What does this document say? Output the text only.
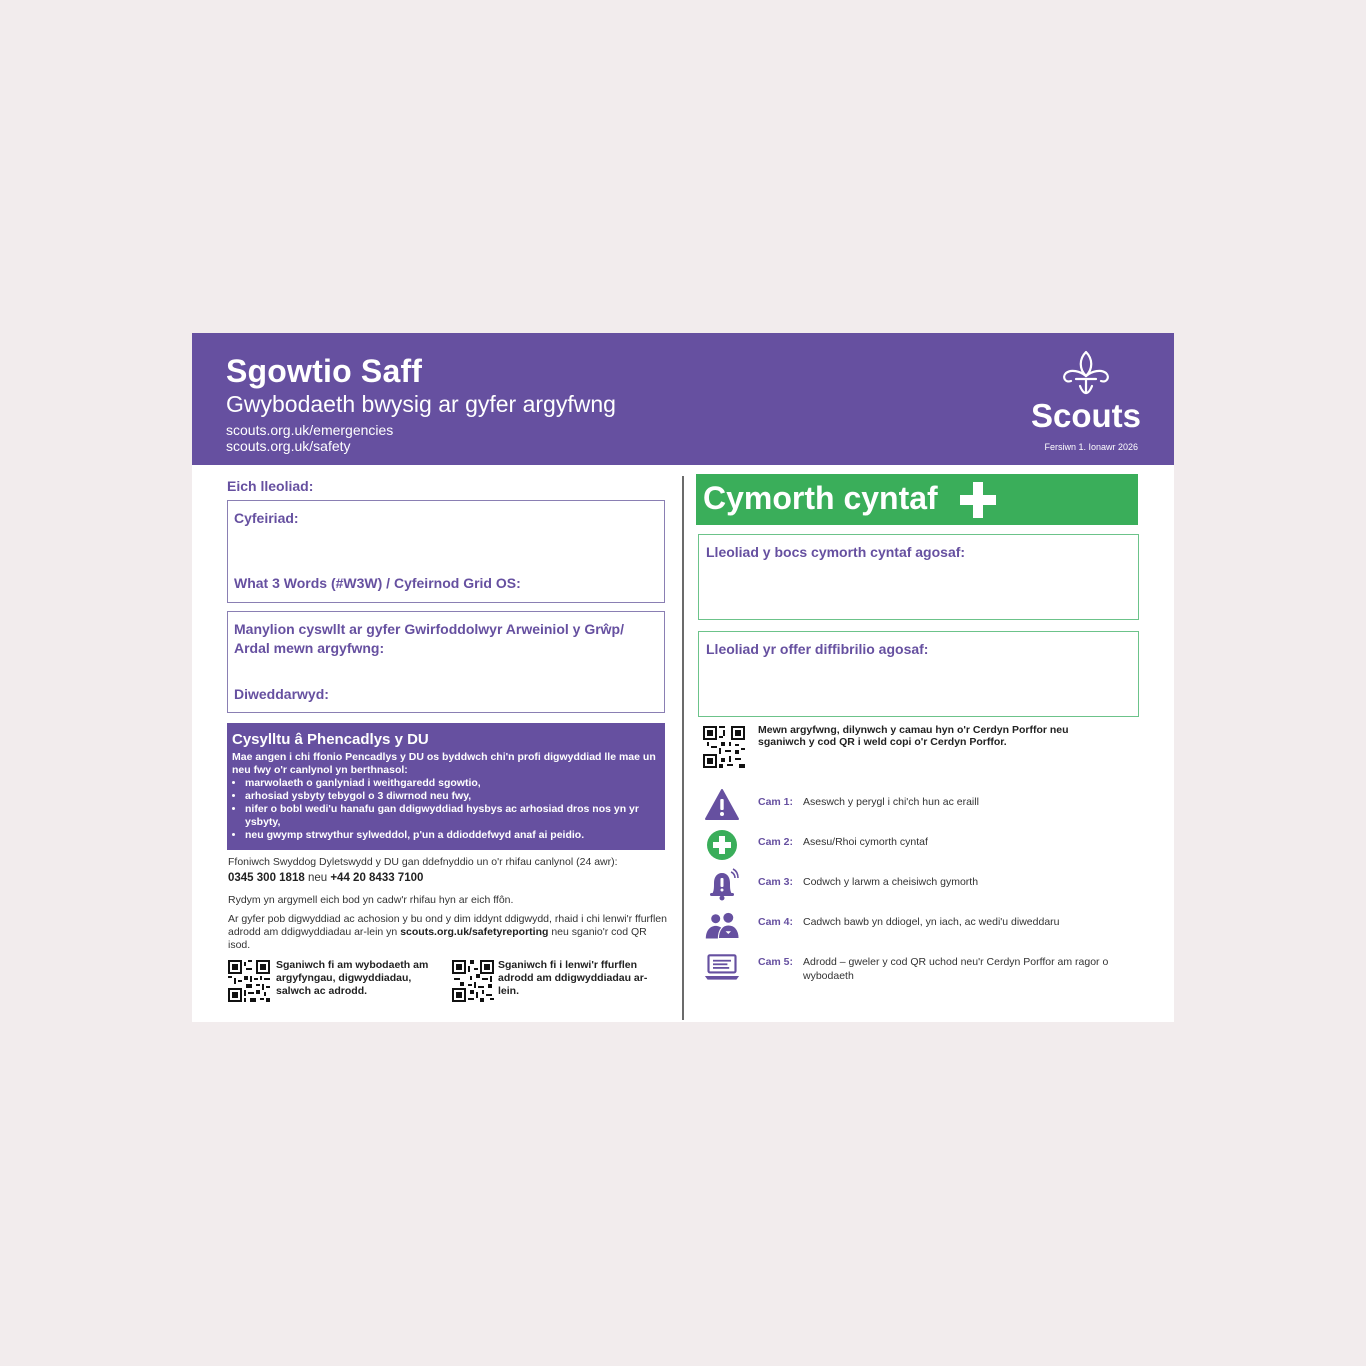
Sgowtio Saff
Gwybodaeth bwysig ar gyfer argyfwng
scouts.org.uk/emergencies
scouts.org.uk/safety
Scouts
Fersiwn 1. Ionawr 2026
Eich lleoliad:
Cyfeiriad:
What 3 Words (#W3W) / Cyfeirnod Grid OS:
Manylion cyswllt ar gyfer Gwirfoddolwyr Arweiniol y Grŵp/ Ardal mewn argyfwng:
Diweddarwyd:
Cysylltu â Phencadlys y DU
Mae angen i chi ffonio Pencadlys y DU os byddwch chi'n profi digwyddiad lle mae un neu fwy o'r canlynol yn berthnasol:
• marwolaeth o ganlyniad i weithgaredd sgowtio,
• arhosiad ysbyty tebygol o 3 diwrnod neu fwy,
• nifer o bobl wedi'u hanafu gan ddigwyddiad hysbys ac arhosiad dros nos yn yr ysbyty,
• neu gwymp strwythur sylweddol, p'un a ddioddefwyd anaf ai peidio.
Ffoniwch Swyddog Dyletswydd y DU gan ddefnyddio un o'r rhifau canlynol (24 awr):
0345 300 1818 neu +44 20 8433 7100
Rydym yn argymell eich bod yn cadw'r rhifau hyn ar eich ffôn.
Ar gyfer pob digwyddiad ac achosion y bu ond y dim iddynt ddigwydd, rhaid i chi lenwi'r ffurflen adrodd am ddigwyddiadau ar-lein yn scouts.org.uk/safetyreporting neu sganio'r cod QR isod.
Sganiwch fi am wybodaeth am argyfyngau, digwyddiadau, salwch ac adrodd.
Sganiwch fi i lenwi'r ffurflen adrodd am ddigwyddiadau ar-lein.
Cymorth cyntaf
Lleoliad y bocs cymorth cyntaf agosaf:
Lleoliad yr offer diffibrilio agosaf:
Mewn argyfwng, dilynwch y camau hyn o'r Cerdyn Porffor neu sganiwch y cod QR i weld copi o'r Cerdyn Porffor.
Cam 1: Aseswch y perygl i chi'ch hun ac eraill
Cam 2: Asesu/Rhoi cymorth cyntaf
Cam 3: Codwch y larwm a cheisiwch gymorth
Cam 4: Cadwch bawb yn ddiogel, yn iach, ac wedi'u diweddaru
Cam 5: Adrodd – gweler y cod QR uchod neu'r Cerdyn Porffor am ragor o wybodaeth
